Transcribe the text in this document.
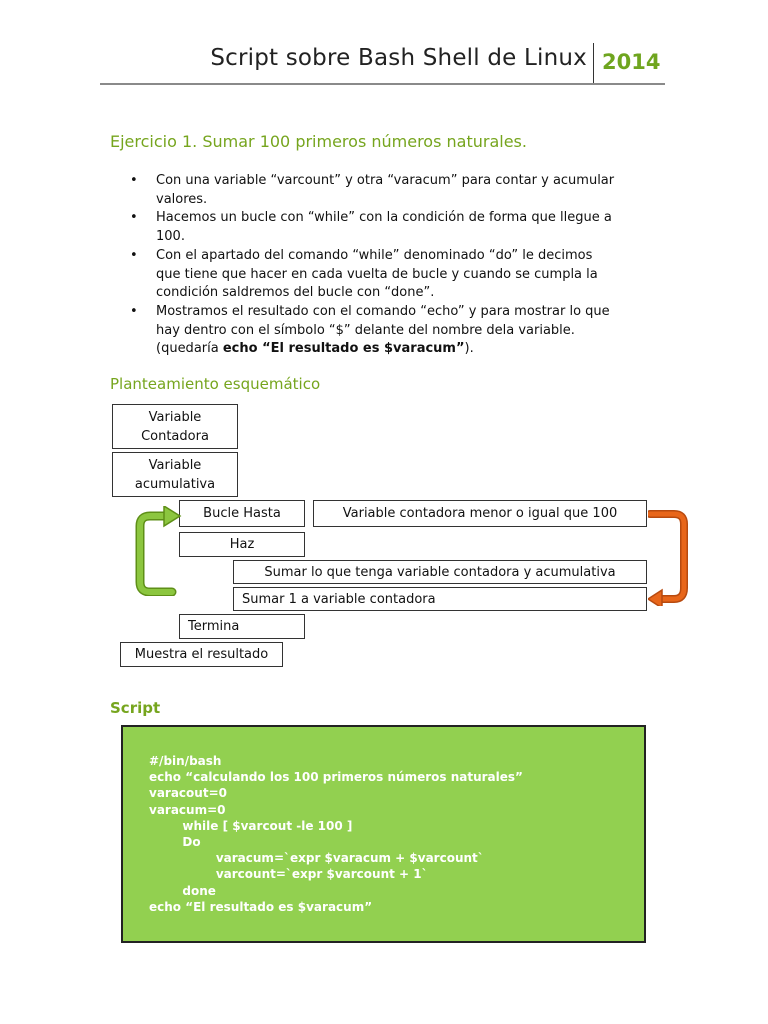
Script sobre Bash Shell de Linux 2014
Ejercicio 1. Sumar 100 primeros números naturales.
• Con una variable “varcount” y otra “varacum” para contar y acumular
valores.
• Hacemos un bucle con “while” con la condición de forma que llegue a
100.
• Con el apartado del comando “while” denominado “do” le decimos
que tiene que hacer en cada vuelta de bucle y cuando se cumpla la
condición saldremos del bucle con “done”.
• Mostramos el resultado con el comando “echo” y para mostrar lo que
hay dentro con el símbolo “$” delante del nombre dela variable.
(quedaría echo “El resultado es $varacum”).
Planteamiento esquemático
Variable
Contadora
Variable
acumulativa
Bucle Hasta	Variable contadora menor o igual que 100
Haz
Sumar lo que tenga variable contadora y acumulativa
Sumar 1 a variable contadora
Termina
Muestra el resultado
Script
#/bin/bash
echo “calculando los 100 primeros números naturales”
varacout=0
varacum=0
while [ $varcout -le 100 ]
Do
varacum=`expr $varacum + $varcount`
varcount=`expr $varcount + 1`
done
echo “El resultado es $varacum”
